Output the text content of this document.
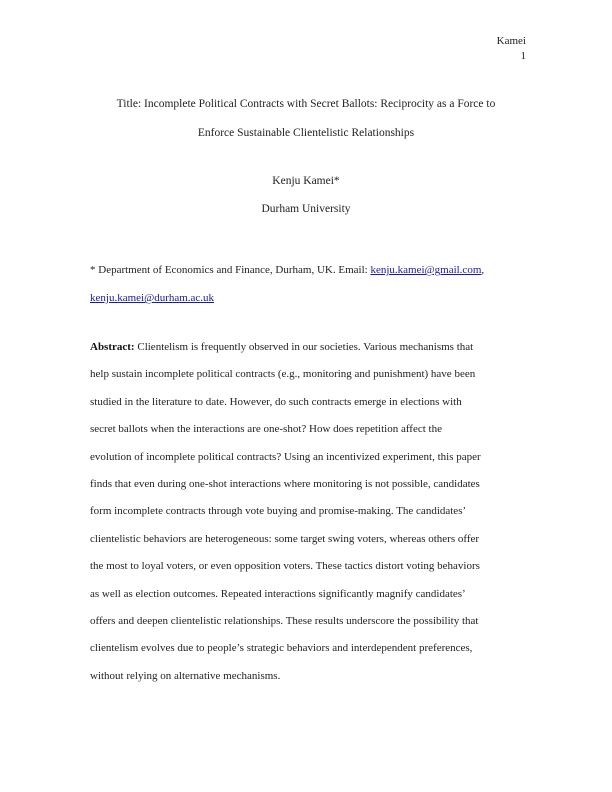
Kamei
1
Title: Incomplete Political Contracts with Secret Ballots: Reciprocity as a Force to
Enforce Sustainable Clientelistic Relationships
Kenju Kamei*
Durham University
* Department of Economics and Finance, Durham, UK. Email: kenju.kamei@gmail.com,
kenju.kamei@durham.ac.uk
Abstract: Clientelism is frequently observed in our societies. Various mechanisms that
help sustain incomplete political contracts (e.g., monitoring and punishment) have been
studied in the literature to date. However, do such contracts emerge in elections with
secret ballots when the interactions are one-shot? How does repetition affect the
evolution of incomplete political contracts? Using an incentivized experiment, this paper
finds that even during one-shot interactions where monitoring is not possible, candidates
form incomplete contracts through vote buying and promise-making. The candidates’
clientelistic behaviors are heterogeneous: some target swing voters, whereas others offer
the most to loyal voters, or even opposition voters. These tactics distort voting behaviors
as well as election outcomes. Repeated interactions significantly magnify candidates’
offers and deepen clientelistic relationships. These results underscore the possibility that
clientelism evolves due to people’s strategic behaviors and interdependent preferences,
without relying on alternative mechanisms.
